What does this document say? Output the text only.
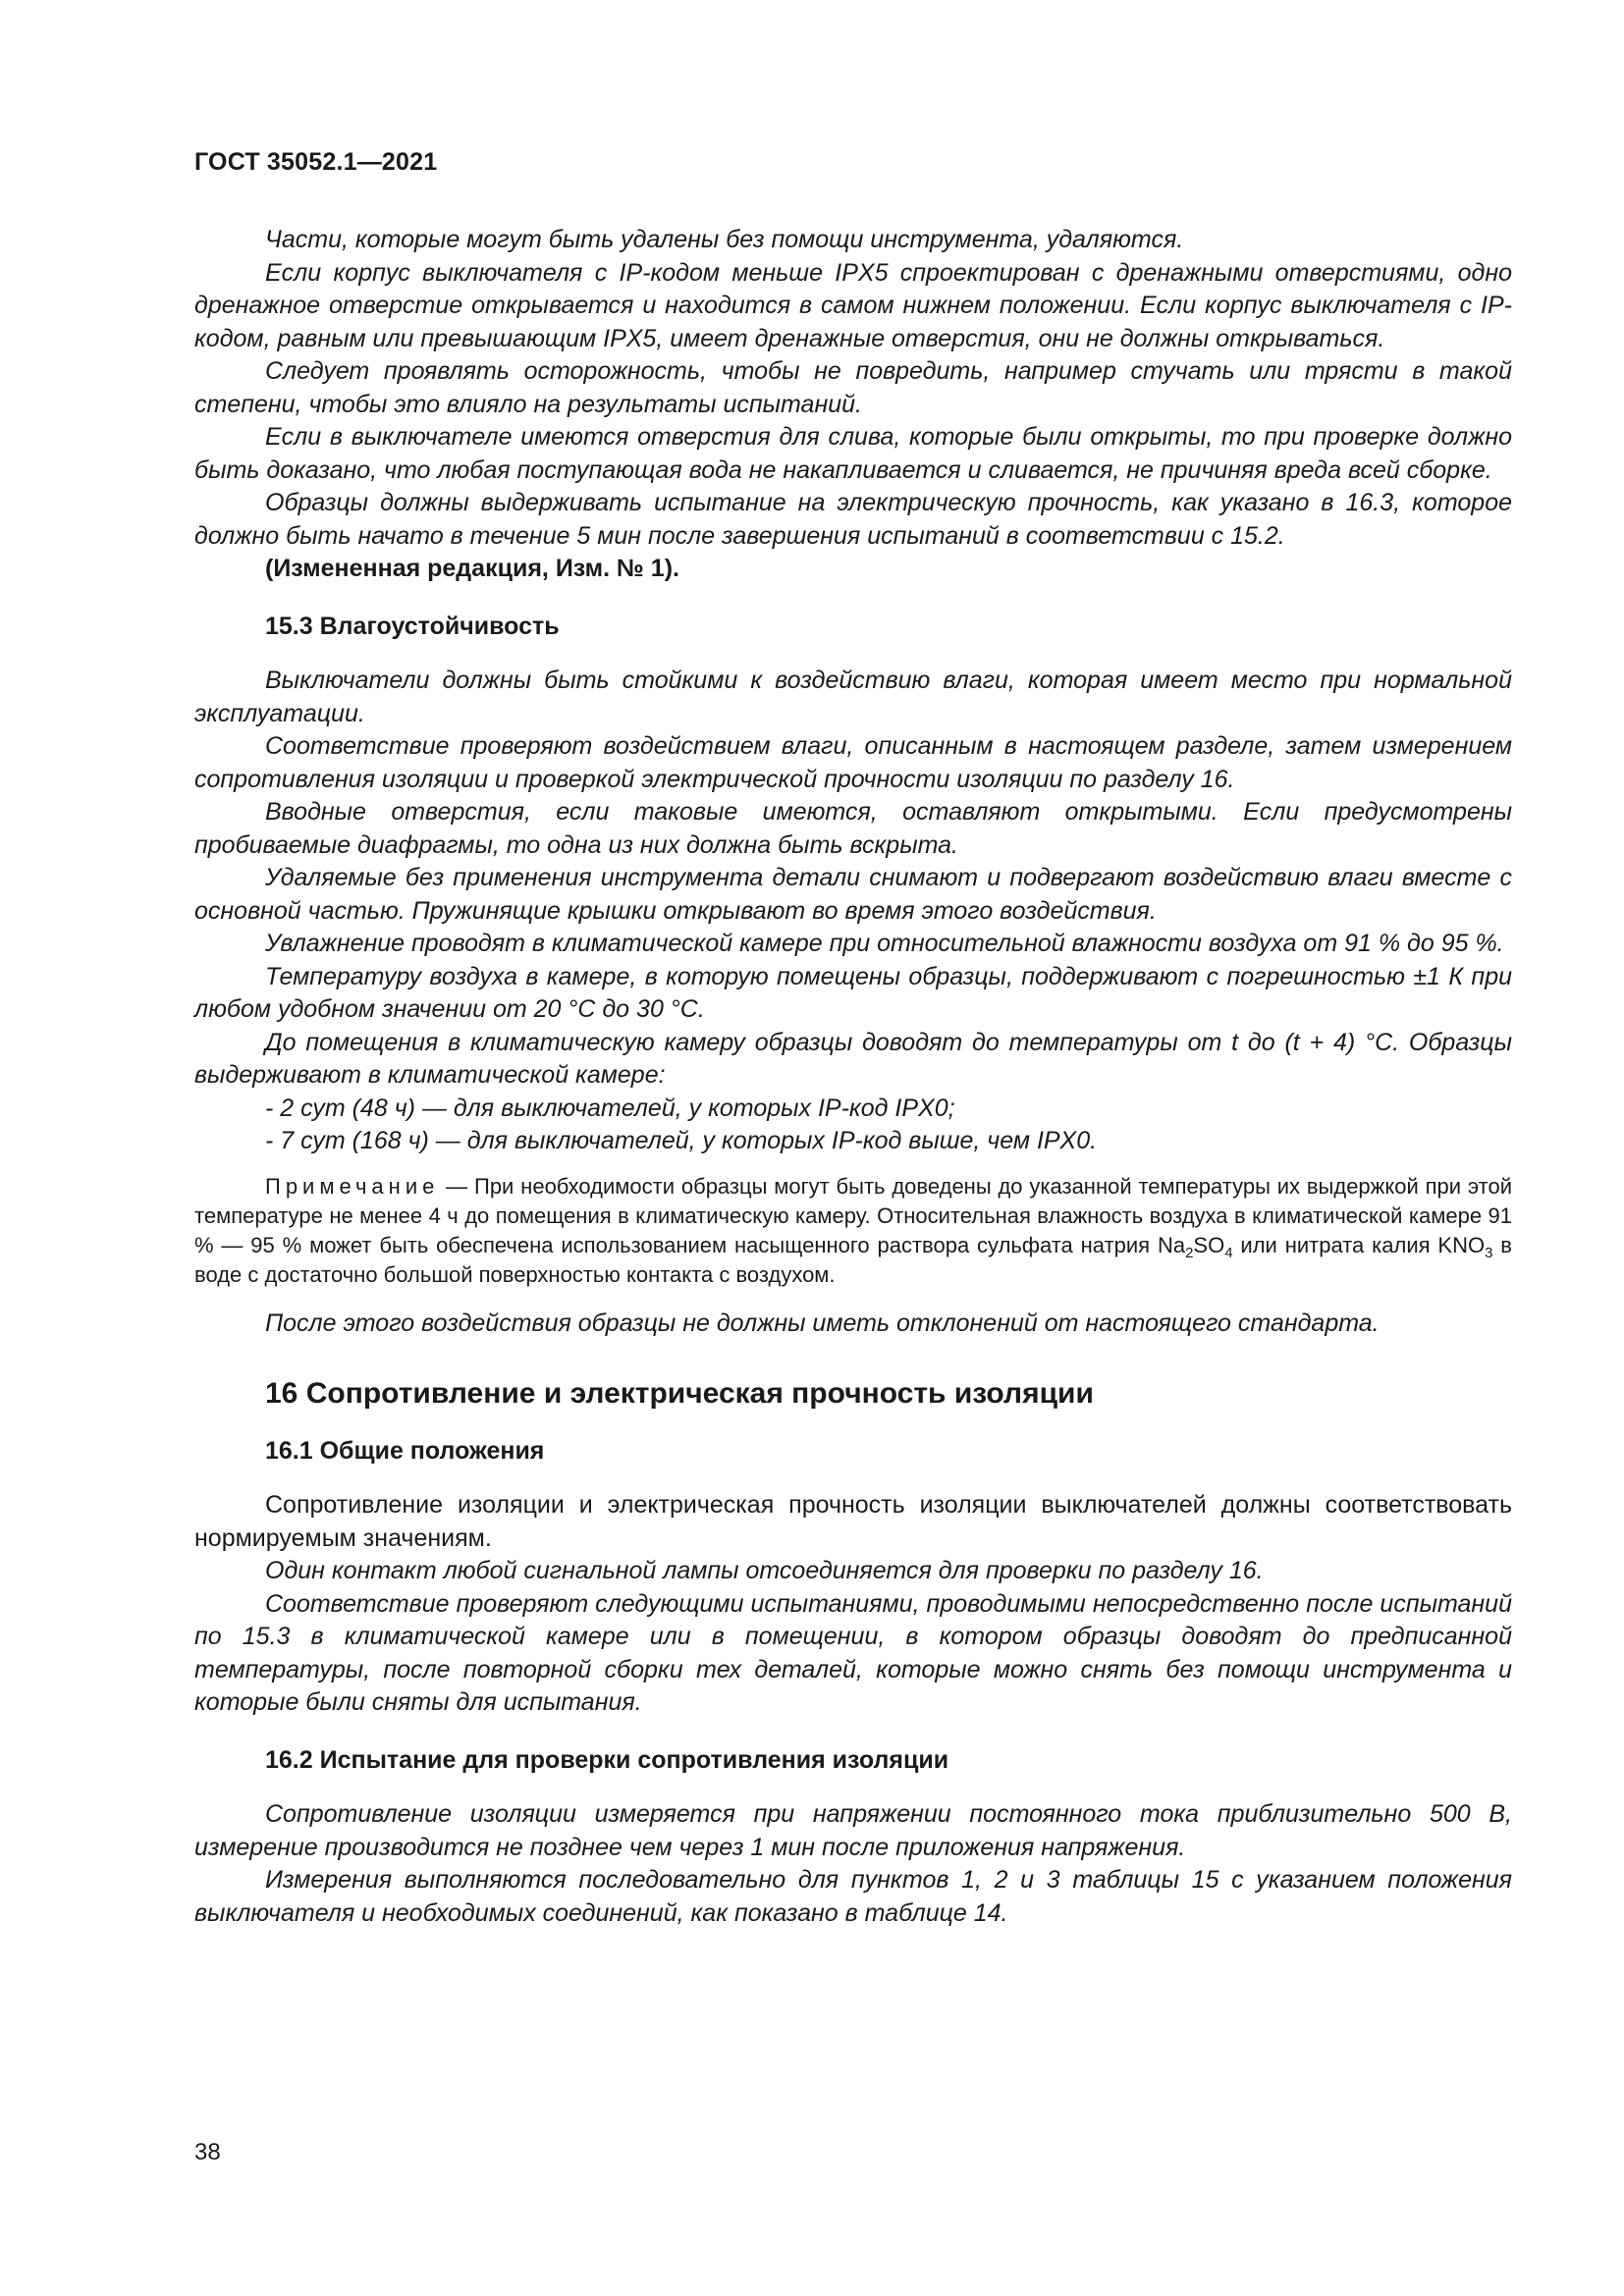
ГОСТ 35052.1—2021

Части, которые могут быть удалены без помощи инструмента, удаляются.

Если корпус выключателя с IP-кодом меньше IPX5 спроектирован с дренажными отверстиями, одно дренажное отверстие открывается и находится в самом нижнем положении. Если корпус выключателя с IP-кодом, равным или превышающим IPX5, имеет дренажные отверстия, они не должны открываться.

Следует проявлять осторожность, чтобы не повредить, например стучать или трясти в такой степени, чтобы это влияло на результаты испытаний.

Если в выключателе имеются отверстия для слива, которые были открыты, то при проверке должно быть доказано, что любая поступающая вода не накапливается и сливается, не причиняя вреда всей сборке.

Образцы должны выдерживать испытание на электрическую прочность, как указано в 16.3, которое должно быть начато в течение 5 мин после завершения испытаний в соответствии с 15.2.

(Измененная редакция, Изм. № 1).

15.3 Влагоустойчивость

Выключатели должны быть стойкими к воздействию влаги, которая имеет место при нормальной эксплуатации.

Соответствие проверяют воздействием влаги, описанным в настоящем разделе, затем измерением сопротивления изоляции и проверкой электрической прочности изоляции по разделу 16.

Вводные отверстия, если таковые имеются, оставляют открытыми. Если предусмотрены пробиваемые диафрагмы, то одна из них должна быть вскрыта.

Удаляемые без применения инструмента детали снимают и подвергают воздействию влаги вместе с основной частью. Пружинящие крышки открывают во время этого воздействия.

Увлажнение проводят в климатической камере при относительной влажности воздуха от 91 % до 95 %.

Температуру воздуха в камере, в которую помещены образцы, поддерживают с погрешностью ±1 К при любом удобном значении от 20 °С до 30 °С.

До помещения в климатическую камеру образцы доводят до температуры от t до (t + 4) °С. Образцы выдерживают в климатической камере:

- 2 сут (48 ч) — для выключателей, у которых IP-код IPX0;

- 7 сут (168 ч) — для выключателей, у которых IP-код выше, чем IPX0.

Примечание — При необходимости образцы могут быть доведены до указанной температуры их выдержкой при этой температуре не менее 4 ч до помещения в климатическую камеру. Относительная влажность воздуха в климатической камере 91 % — 95 % может быть обеспечена использованием насыщенного раствора сульфата натрия $Na_2SO_4$ или нитрата калия $KNO_3$ в воде с достаточно большой поверхностью контакта с воздухом.

После этого воздействия образцы не должны иметь отклонений от настоящего стандарта.

16 Сопротивление и электрическая прочность изоляции

16.1 Общие положения

Сопротивление изоляции и электрическая прочность изоляции выключателей должны соответствовать нормируемым значениям.

Один контакт любой сигнальной лампы отсоединяется для проверки по разделу 16.

Соответствие проверяют следующими испытаниями, проводимыми непосредственно после испытаний по 15.3 в климатической камере или в помещении, в котором образцы доводят до предписанной температуры, после повторной сборки тех деталей, которые можно снять без помощи инструмента и которые были сняты для испытания.

16.2 Испытание для проверки сопротивления изоляции

Сопротивление изоляции измеряется при напряжении постоянного тока приблизительно 500 В, измерение производится не позднее чем через 1 мин после приложения напряжения.

Измерения выполняются последовательно для пунктов 1, 2 и 3 таблицы 15 с указанием положения выключателя и необходимых соединений, как показано в таблице 14.

38
